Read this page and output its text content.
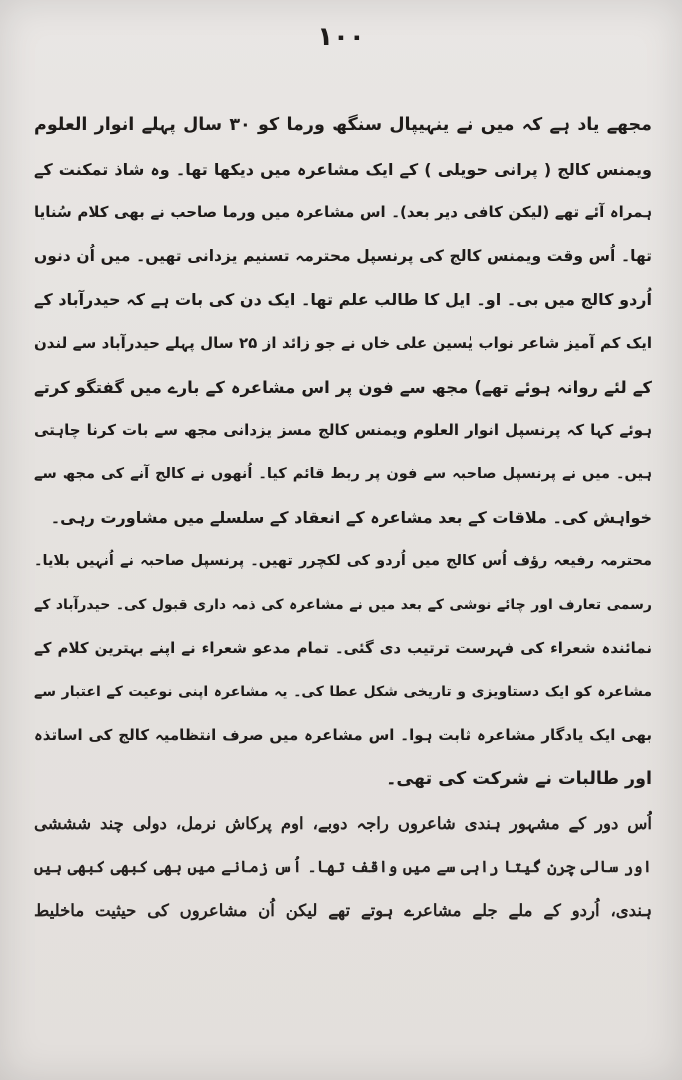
١٠٠
مجھے یاد ہے کہ میں نے ینہیپال سنگھ ورما کو ۳۰ سال پہلے انوار العلوم
ویمنس کالج ( پرانی حویلی ) کے ایک مشاعرہ میں دیکھا تھا۔ وہ شاذ تمکنت کے
ہمراہ آئے تھے (لیکن کافی دیر بعد)۔ اس مشاعرہ میں ورما صاحب نے بھی کلام سُنایا
تھا۔ اُس وقت ویمنس کالج کی پرنسپل محترمہ تسنیم یزدانی تھیں۔ میں اُن دنوں
اُردو کالج میں بی۔ او۔ ایل کا طالب علم تھا۔ ایک دن کی بات ہے کہ حیدرآباد کے
ایک کم آمیز شاعر نواب یٰسین علی خاں نے جو زائد از ۲۵ سال پہلے حیدرآباد سے لندن
کے لئے روانہ ہوئے تھے) مجھ سے فون پر اس مشاعرہ کے بارے میں گفتگو کرتے
ہوئے کہا کہ پرنسپل انوار العلوم ویمنس کالج مسز یزدانی مجھ سے بات کرنا چاہتی
ہیں۔ میں نے پرنسپل صاحبہ سے فون پر ربط قائم کیا۔ اُنھوں نے کالج آنے کی مجھ سے
خواہش کی۔ ملاقات کے بعد مشاعرہ کے انعقاد کے سلسلے میں مشاورت رہی۔
محترمہ رفیعہ رؤف اُس کالج میں اُردو کی لکچرر تھیں۔ پرنسپل صاحبہ نے اُنہیں بلایا۔
رسمی تعارف اور چائے نوشی کے بعد میں نے مشاعرہ کی ذمہ داری قبول کی۔ حیدرآباد کے
نمائندہ شعراء کی فہرست ترتیب دی گئی۔ تمام مدعو شعراء نے اپنے بہترین کلام کے
مشاعرہ کو ایک دستاویزی و تاریخی شکل عطا کی۔ یہ مشاعرہ اپنی نوعیت کے اعتبار سے
بھی ایک یادگار مشاعرہ ثابت ہوا۔ اس مشاعرہ میں صرف انتظامیہ کالج کی اساتذہ
اور طالبات نے شرکت کی تھی۔
اُس دور کے مشہور ہندی شاعروں راجہ دوبے، اوم پرکاش نرمل، دولی چند شششی
اور سالی چرن گیتا راہی سے میں واقف تھا۔ اُس زمانے میں بھی کبھی کبھی ہیں
ہندی، اُردو کے ملے جلے مشاعرے ہوتے تھے لیکن اُن مشاعروں کی حیثیت ماخلیط
